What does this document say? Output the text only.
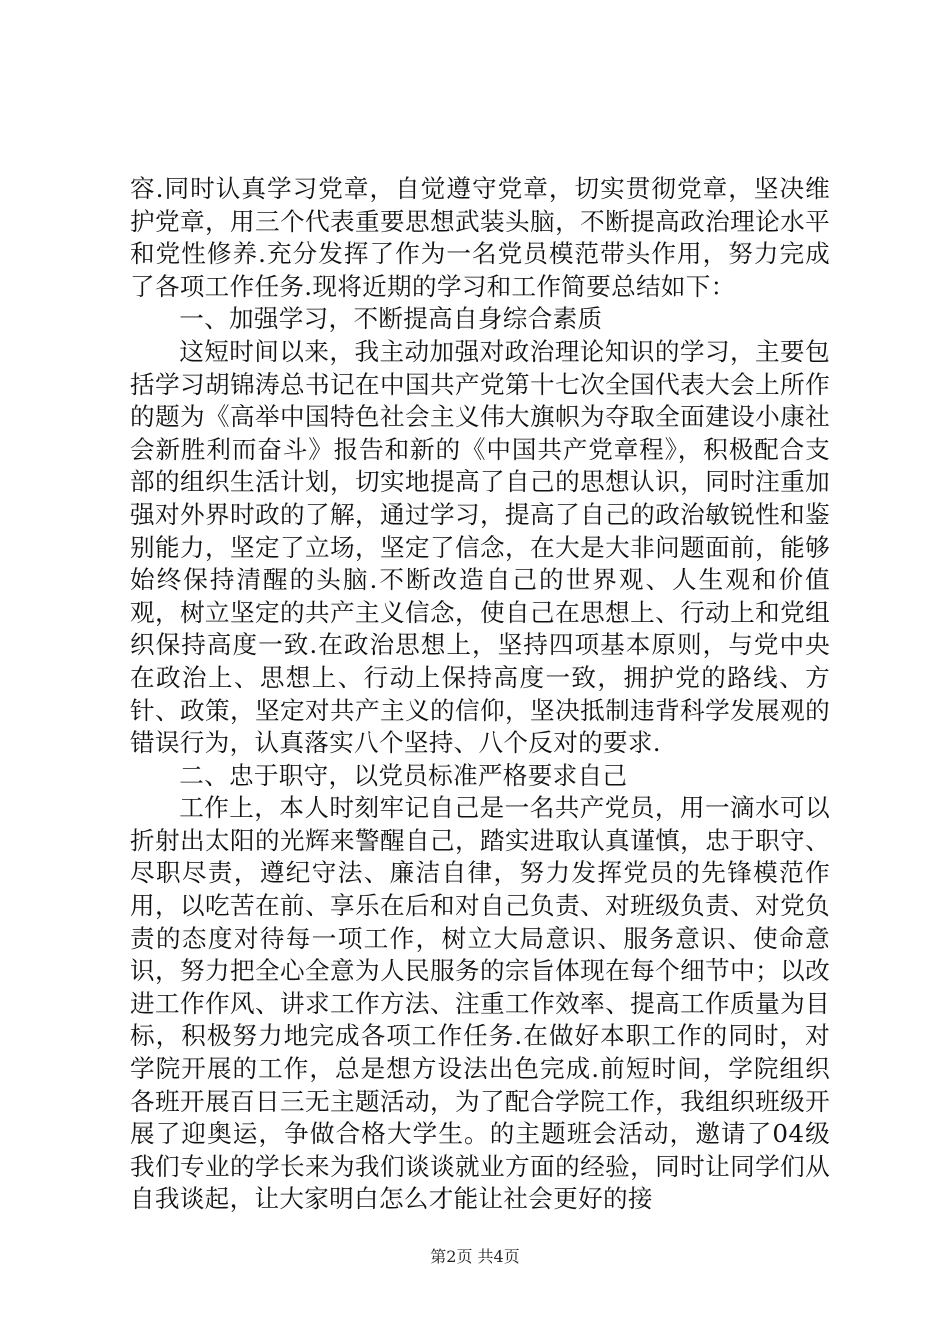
容.同时认真学习党章，自觉遵守党章，切实贯彻党章，坚决维护党章，用三个代表重要思想武装头脑，不断提高政治理论水平和党性修养.充分发挥了作为一名党员模范带头作用，努力完成了各项工作任务.现将近期的学习和工作简要总结如下：

一、加强学习，不断提高自身综合素质

这短时间以来，我主动加强对政治理论知识的学习，主要包括学习胡锦涛总书记在中国共产党第十七次全国代表大会上所作的题为《高举中国特色社会主义伟大旗帜为夺取全面建设小康社会新胜利而奋斗》报告和新的《中国共产党章程》，积极配合支部的组织生活计划，切实地提高了自己的思想认识，同时注重加强对外界时政的了解，通过学习，提高了自己的政治敏锐性和鉴别能力，坚定了立场，坚定了信念，在大是大非问题面前，能够始终保持清醒的头脑.不断改造自己的世界观、人生观和价值观，树立坚定的共产主义信念，使自己在思想上、行动上和党组织保持高度一致.在政治思想上，坚持四项基本原则，与党中央在政治上、思想上、行动上保持高度一致，拥护党的路线、方针、政策，坚定对共产主义的信仰，坚决抵制违背科学发展观的错误行为，认真落实八个坚持、八个反对的要求.

二、忠于职守，以党员标准严格要求自己

工作上，本人时刻牢记自己是一名共产党员，用一滴水可以折射出太阳的光辉来警醒自己，踏实进取认真谨慎，忠于职守、尽职尽责，遵纪守法、廉洁自律，努力发挥党员的先锋模范作用，以吃苦在前、享乐在后和对自己负责、对班级负责、对党负责的态度对待每一项工作，树立大局意识、服务意识、使命意识，努力把全心全意为人民服务的宗旨体现在每个细节中；以改进工作作风、讲求工作方法、注重工作效率、提高工作质量为目标，积极努力地完成各项工作任务.在做好本职工作的同时，对学院开展的工作，总是想方设法出色完成.前短时间，学院组织各班开展百日三无主题活动，为了配合学院工作，我组织班级开展了迎奥运，争做合格大学生。的主题班会活动，邀请了04级我们专业的学长来为我们谈谈就业方面的经验，同时让同学们从自我谈起，让大家明白怎么才能让社会更好的接

第2页 共4页
